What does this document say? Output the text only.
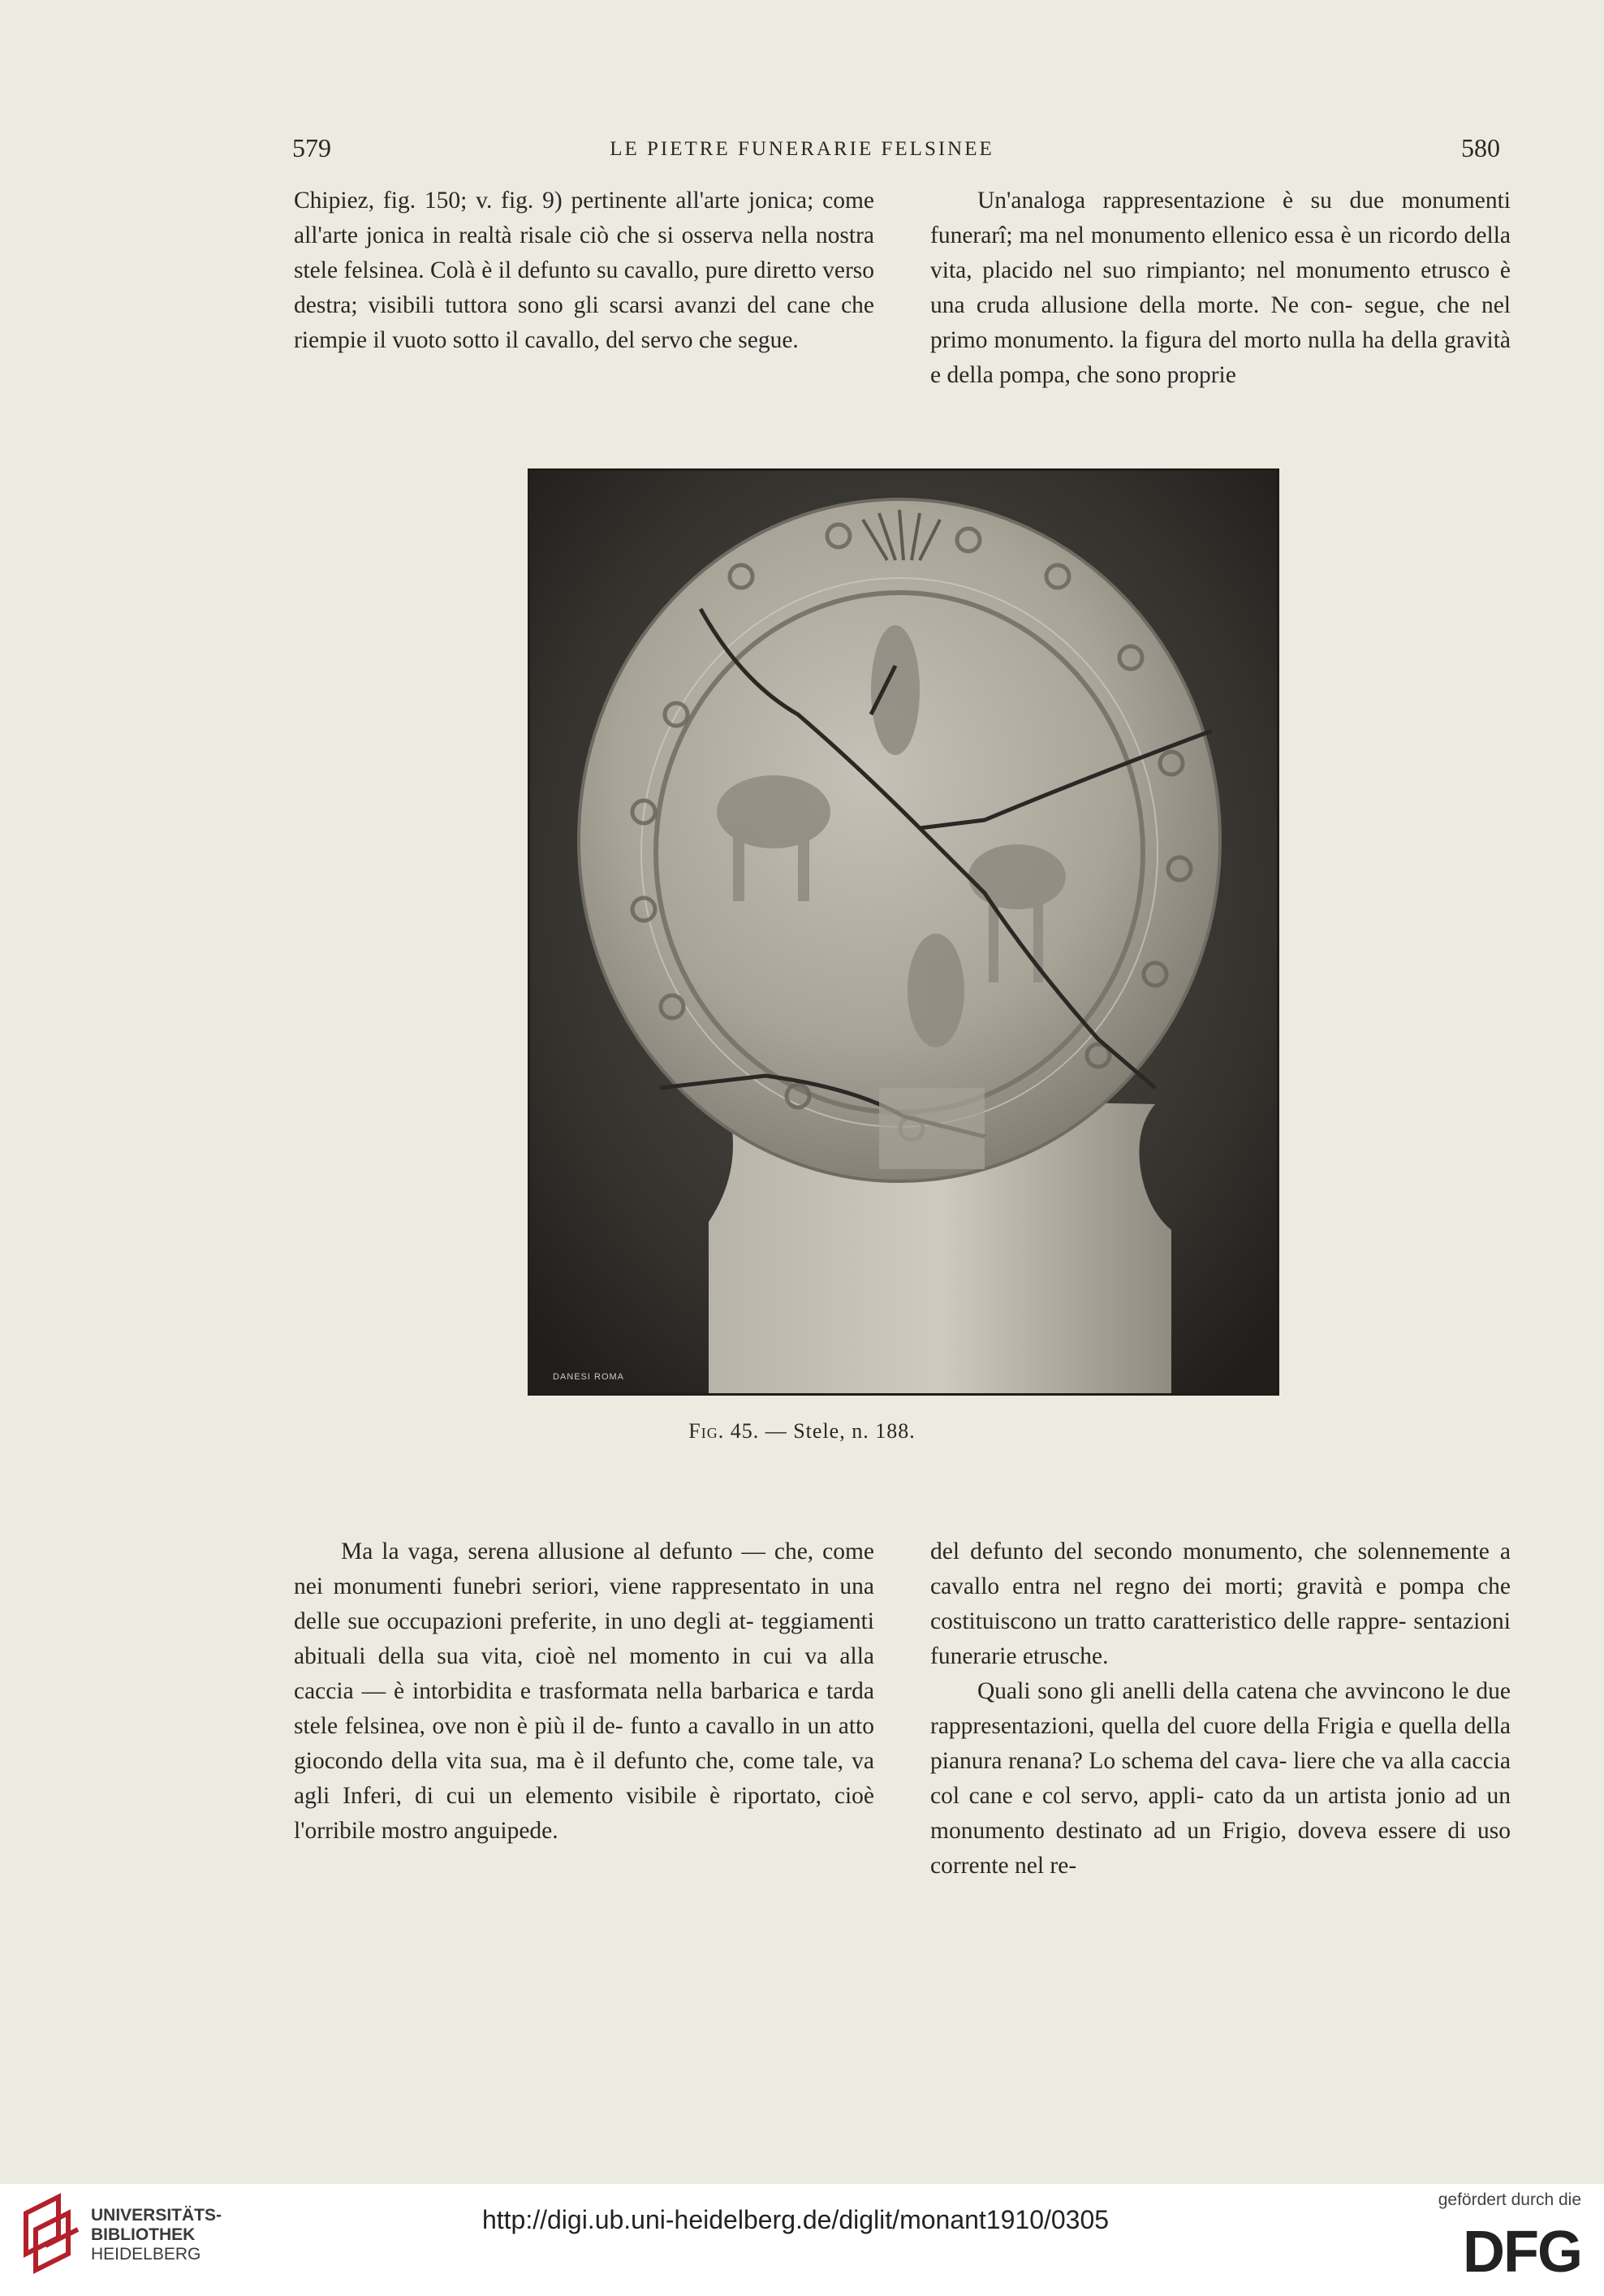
579	LE PIETRE FUNERARIE FELSINEE	580

Chipiez, fig. 150; v. fig. 9) pertinente all'arte jonica; come all'arte jonica in realtà risale ciò che si osserva nella nostra stele felsinea. Colà è il defunto su cavallo, pure diretto verso destra; visibili tuttora sono gli scarsi avanzi del cane che riempie il vuoto sotto il cavallo, del servo che segue.

Un'analoga rappresentazione è su due monumenti funerarî; ma nel monumento ellenico essa è un ricordo della vita, placido nel suo rimpianto; nel monumento etrusco è una cruda allusione della morte. Ne con- segue, che nel primo monumento. la figura del morto nulla ha della gravità e della pompa, che sono proprie

DANESI ROMA
Fig. 45. — Stele, n. 188.

Ma la vaga, serena allusione al defunto — che, come nei monumenti funebri seriori, viene rappresentato in una delle sue occupazioni preferite, in uno degli at- teggiamenti abituali della sua vita, cioè nel momento in cui va alla caccia — è intorbidita e trasformata nella barbarica e tarda stele felsinea, ove non è più il de- funto a cavallo in un atto giocondo della vita sua, ma è il defunto che, come tale, va agli Inferi, di cui un elemento visibile è riportato, cioè l'orribile mostro anguipede.

del defunto del secondo monumento, che solennemente a cavallo entra nel regno dei morti; gravità e pompa che costituiscono un tratto caratteristico delle rappre- sentazioni funerarie etrusche.

Quali sono gli anelli della catena che avvincono le due rappresentazioni, quella del cuore della Frigia e quella della pianura renana? Lo schema del cava- liere che va alla caccia col cane e col servo, appli- cato da un artista jonio ad un monumento destinato ad un Frigio, doveva essere di uso corrente nel re-

UNIVERSITÄTS-
BIBLIOTHEK
HEIDELBERG
http://digi.ub.uni-heidelberg.de/diglit/monant1910/0305
gefördert durch die
DFG
